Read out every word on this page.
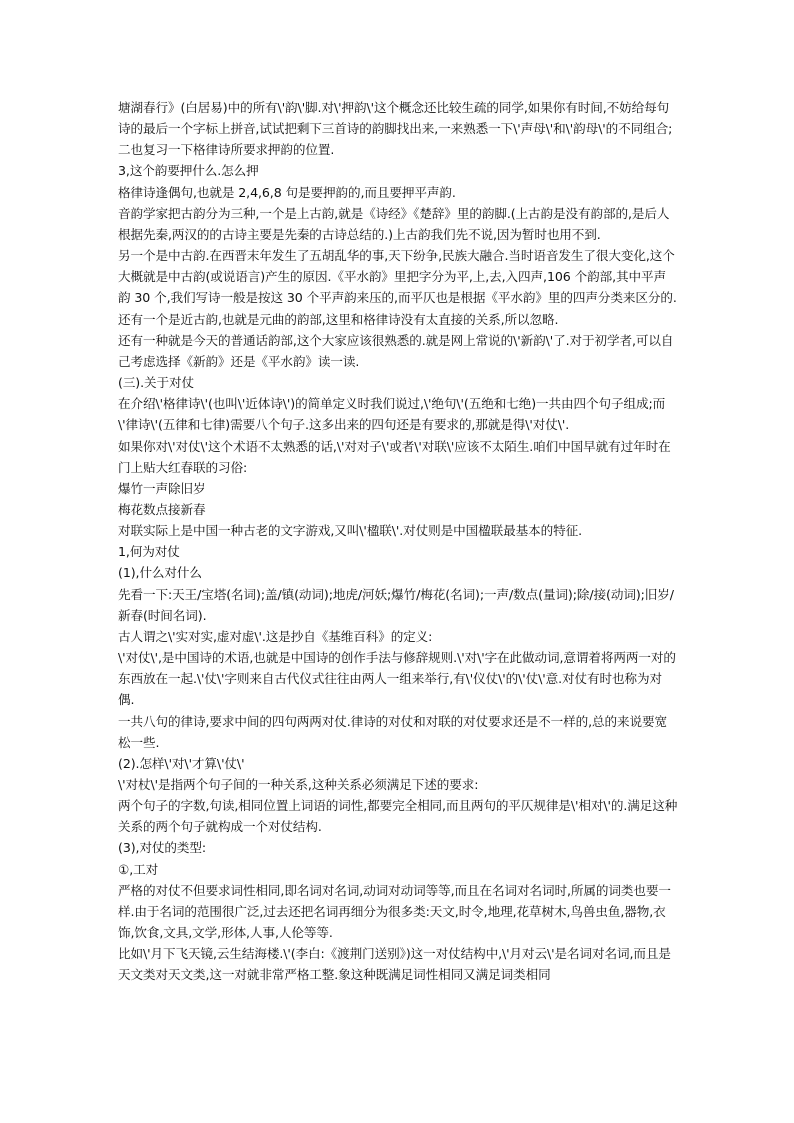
塘湖春行》(白居易)中的所有\'韵\'脚.对\'押韵\'这个概念还比较生疏的同学,如果你有时间,不妨给每句诗的最后一个字标上拼音,试试把剩下三首诗的韵脚找出来,一来熟悉一下\'声母\'和\'韵母\'的不同组合;二也复习一下格律诗所要求押韵的位置.

3,这个韵要押什么.怎么押

格律诗逢偶句,也就是 2,4,6,8 句是要押韵的,而且要押平声韵.

音韵学家把古韵分为三种,一个是上古韵,就是《诗经》《楚辞》里的韵脚.(上古韵是没有韵部的,是后人根据先秦,两汉的的古诗主要是先秦的古诗总结的.)上古韵我们先不说,因为暂时也用不到.

另一个是中古韵.在西晋末年发生了五胡乱华的事,天下纷争,民族大融合.当时语音发生了很大变化,这个大概就是中古韵(或说语言)产生的原因.《平水韵》里把字分为平,上,去,入四声,106 个韵部,其中平声韵 30 个,我们写诗一般是按这 30 个平声韵来压的,而平仄也是根据《平水韵》里的四声分类来区分的.

还有一个是近古韵,也就是元曲的韵部,这里和格律诗没有太直接的关系,所以忽略.

还有一种就是今天的普通话韵部,这个大家应该很熟悉的.就是网上常说的\'新韵\'了.对于初学者,可以自己考虑选择《新韵》还是《平水韵》读一读.

(三).关于对仗

在介绍\'格律诗\'(也叫\'近体诗\')的简单定义时我们说过,\'绝句\'(五绝和七绝)一共由四个句子组成;而\'律诗\'(五律和七律)需要八个句子.这多出来的四句还是有要求的,那就是得\'对仗\'.

如果你对\'对仗\'这个术语不太熟悉的话,\'对对子\'或者\'对联\'应该不太陌生.咱们中国早就有过年时在门上贴大红春联的习俗:

爆竹一声除旧岁

梅花数点接新春

对联实际上是中国一种古老的文字游戏,又叫\'楹联\'.对仗则是中国楹联最基本的特征.

1,何为对仗

(1),什么对什么

先看一下:天王/宝塔(名词);盖/镇(动词);地虎/河妖;爆竹/梅花(名词);一声/数点(量词);除/接(动词);旧岁/新春(时间名词).

古人谓之\'实对实,虚对虚\'.这是抄自《基维百科》的定义:

\'对仗\',是中国诗的术语,也就是中国诗的创作手法与修辞规则.\'对\'字在此做动词,意谓着将两两一对的东西放在一起.\'仗\'字则来自古代仪式往往由两人一组来举行,有\'仪仗\'的\'仗\'意.对仗有时也称为对偶.

一共八句的律诗,要求中间的四句两两对仗.律诗的对仗和对联的对仗要求还是不一样的,总的来说要宽松一些.

(2).怎样\'对\'才算\'仗\'

\'对杖\'是指两个句子间的一种关系,这种关系必须满足下述的要求:

两个句子的字数,句读,相同位置上词语的词性,都要完全相同,而且两句的平仄规律是\'相对\'的.满足这种关系的两个句子就构成一个对仗结构.

(3),对仗的类型:

①,工对

严格的对仗不但要求词性相同,即名词对名词,动词对动词等等,而且在名词对名词时,所属的词类也要一样.由于名词的范围很广泛,过去还把名词再细分为很多类:天文,时令,地理,花草树木,鸟兽虫鱼,器物,衣饰,饮食,文具,文学,形体,人事,人伦等等.

比如\'月下飞天镜,云生结海楼.\'(李白:《渡荆门送别》)这一对仗结构中,\'月对云\'是名词对名词,而且是天文类对天文类,这一对就非常严格工整.象这种既满足词性相同又满足词类相同
